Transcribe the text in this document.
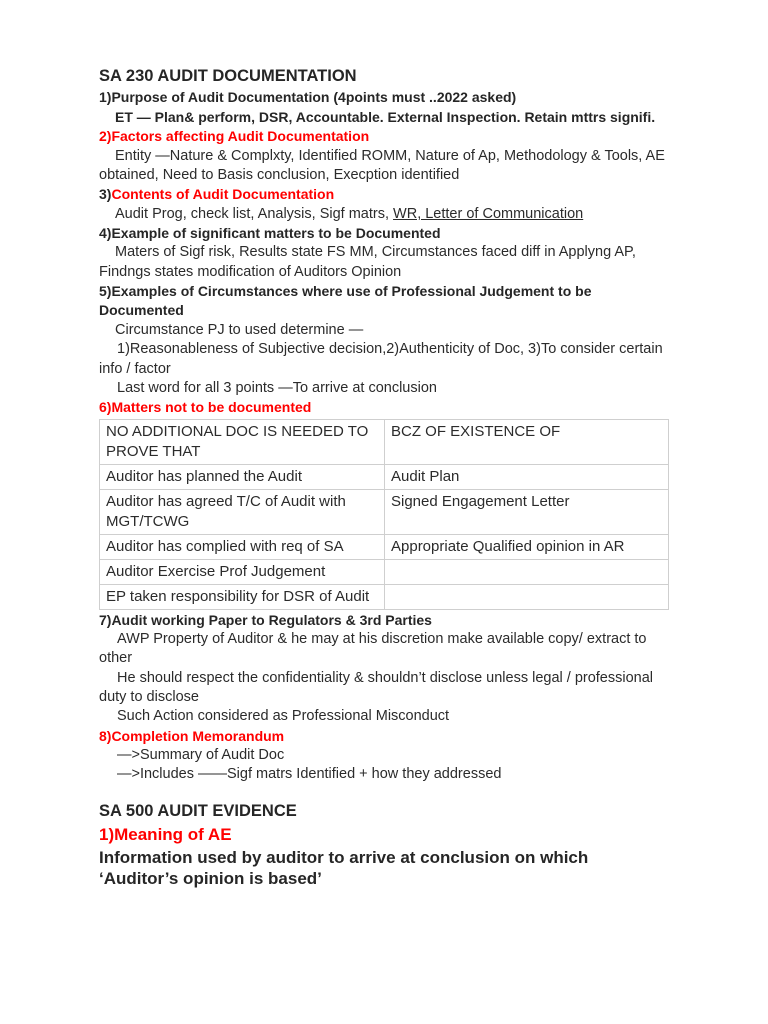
SA 230 AUDIT DOCUMENTATION
1)Purpose of Audit Documentation (4points must ..2022 asked)
ET — Plan& perform, DSR, Accountable. External Inspection. Retain mttrs signifi.
2)Factors affecting Audit Documentation
Entity —Nature & Complxty, Identified ROMM, Nature of Ap, Methodology & Tools, AE obtained, Need to Basis conclusion, Execption identified
3)Contents of Audit Documentation
Audit Prog, check list, Analysis, Sigf matrs, WR, Letter of Communication
4)Example of significant matters to be Documented
Maters of Sigf risk, Results state FS MM, Circumstances faced diff in Applyng AP, Findngs states modification of Auditors Opinion
5)Examples of Circumstances where use of Professional Judgement to be Documented
Circumstance PJ to used determine —
1)Reasonableness of Subjective decision,2)Authenticity of Doc, 3)To consider certain info / factor
Last word for all 3 points —To arrive at conclusion
6)Matters not to be documented
NO ADDITIONAL DOC IS NEEDED TO PROVE THAT	BCZ OF EXISTENCE OF
Auditor has planned the Audit	Audit Plan
Auditor has agreed T/C of Audit with MGT/TCWG	Signed Engagement Letter
Auditor has complied with req of SA	Appropriate Qualified opinion in AR
Auditor Exercise Prof Judgement	
EP taken responsibility for DSR of Audit	
7)Audit working Paper to Regulators & 3rd Parties
AWP Property of Auditor & he may at his discretion make available copy/ extract to other
He should respect the confidentiality & shouldn’t disclose unless legal / professional duty to disclose
Such Action considered as Professional Misconduct
8)Completion Memorandum
—>Summary of Audit Doc
—>Includes ——Sigf matrs Identified + how they addressed
SA 500 AUDIT EVIDENCE
1)Meaning of AE
Information used by auditor to arrive at conclusion on which ‘Auditor’s opinion is based’
